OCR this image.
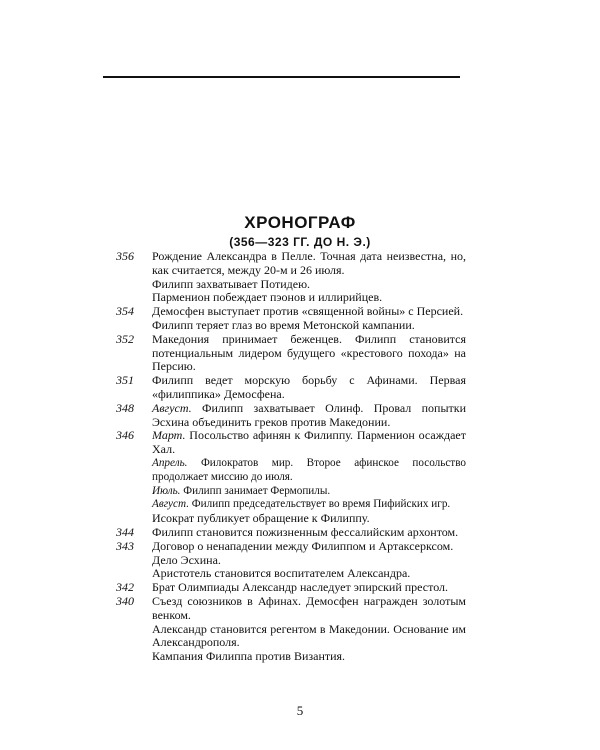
ХРОНОГРАФ
(356—323 ГГ. ДО Н. Э.)
356	Рождение Александра в Пелле. Точная дата неизвестна, но, как считается, между 20-м и 26 июля.
Филипп захватывает Потидею.
Парменион побеждает пэонов и иллирийцев.
354	Демосфен выступает против «священной войны» с Персией.
Филипп теряет глаз во время Метонской кампании.
352	Македония принимает беженцев. Филипп становится потенциальным лидером будущего «крестового похода» на Персию.
351	Филипп ведет морскую борьбу с Афинами. Первая «филиппика» Демосфена.
348	Август. Филипп захватывает Олинф. Провал попытки Эсхина объединить греков против Македонии.
346	Март. Посольство афинян к Филиппу. Парменион осаждает Хал.
Апрель. Филократов мир. Второе афинское посольство продолжает миссию до июля.
Июль. Филипп занимает Фермопилы.
Август. Филипп председательствует во время Пифийских игр.
Исократ публикует обращение к Филиппу.
344	Филипп становится пожизненным фессалийским архонтом.
343	Договор о ненападении между Филиппом и Артаксерксом.
Дело Эсхина.
Аристотель становится воспитателем Александра.
342	Брат Олимпиады Александр наследует эпирский престол.
340	Съезд союзников в Афинах. Демосфен награжден золотым венком.
Александр становится регентом в Македонии. Основание им Александрополя.
Кампания Филиппа против Византия.
5
